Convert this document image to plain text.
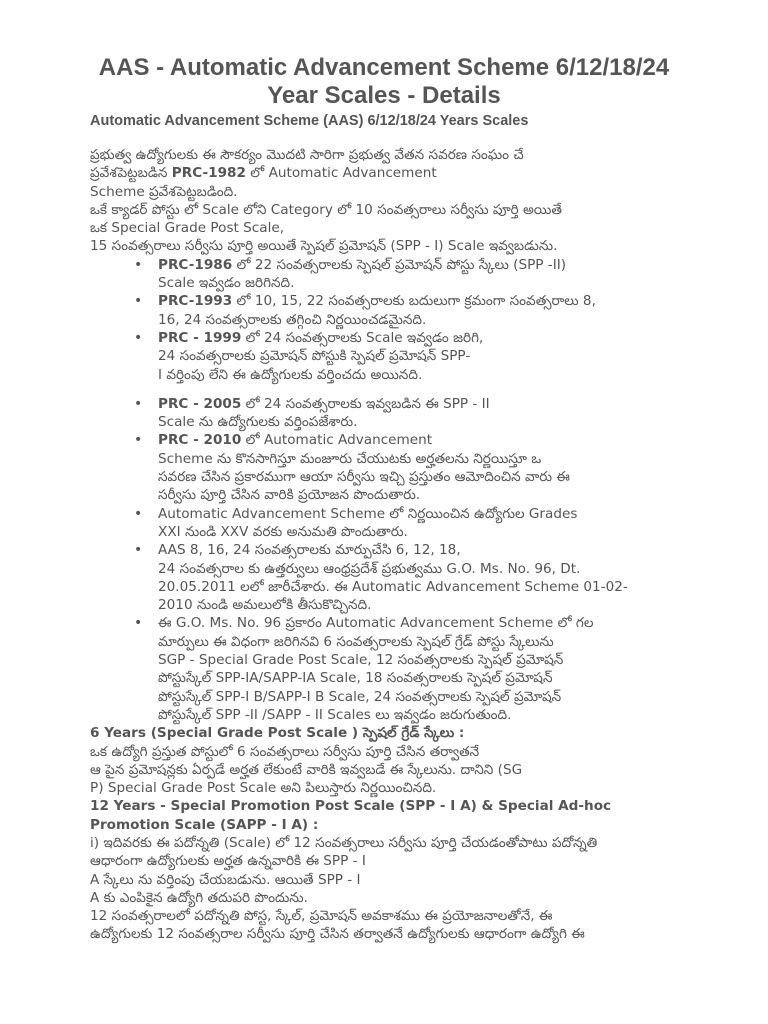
AAS - Automatic Advancement Scheme 6/12/18/24 Year Scales - Details

Automatic Advancement Scheme (AAS) 6/12/18/24 Years Scales

ప్రభుత్వ ఉద్యోగులకు ఈ సౌకర్యం మొదటి సారిగా ప్రభుత్వ వేతన సవరణ సంఘం చే
ప్రవేశపెట్టబడిన PRC-1982 లో Automatic Advancement
Scheme ప్రవేశపెట్టబడింది.
ఒకే క్యాడర్ పోస్టు లో Scale లోని Category లో 10 సంవత్సరాలు సర్వీసు పూర్తి అయితే
ఒక Special Grade Post Scale,
15 సంవత్సరాలు సర్వీసు పూర్తి అయితే స్పెషల్ ప్రమోషన్ (SPP - I) Scale ఇవ్వబడును.

• PRC-1986 లో 22 సంవత్సరాలకు స్పెషల్ ప్రమోషన్ పోస్టు స్కేలు (SPP -II)
Scale ఇవ్వడం జరిగినది.
• PRC-1993 లో 10, 15, 22 సంవత్సరాలకు బదులుగా క్రమంగా సంవత్సరాలు 8,
16, 24 సంవత్సరాలకు తగ్గించి నిర్ణయించడమైనది.
• PRC - 1999 లో 24 సంవత్సరాలకు Scale ఇవ్వడం జరిగి,
24 సంవత్సరాలకు ప్రమోషన్ పోస్టుకి స్పెషల్ ప్రమోషన్ SPP-
I వర్తింపు లేని ఈ ఉద్యోగులకు వర్తించదు అయినది.
• PRC - 2005 లో 24 సంవత్సరాలకు ఇవ్వబడిన ఈ SPP - II
Scale ను ఉద్యోగులకు వర్తింపజేశారు.
• PRC - 2010 లో Automatic Advancement
Scheme ను కొనసాగిస్తూ మంజూరు చేయుటకు అర్హతలను నిర్ణయిస్తూ ఒ
సవరణ చేసిన ప్రకారముగా ఆయా సర్వీసు ఇచ్చి ప్రస్తుతం ఆమోదించిన వారు ఈ
సర్వీసు పూర్తి చేసిన వారికి ప్రయోజన పొందుతారు.
• Automatic Advancement Scheme లో నిర్ణయించిన ఉద్యోగుల Grades
XXI నుండి XXV వరకు అనుమతి పొందుతారు.
• AAS 8, 16, 24 సంవత్సరాలకు మార్పుచేసి 6, 12, 18,
24 సంవత్సరాల కు ఉత్తర్వులు ఆంధ్రప్రదేశ్ ప్రభుత్వము G.O. Ms. No. 96, Dt.
20.05.2011 లలో జారీచేశారు. ఈ Automatic Advancement Scheme 01-02-
2010 నుండి అమలులోకి తీసుకొచ్చినది.
• ఈ G.O. Ms. No. 96 ప్రకారం Automatic Advancement Scheme లో గల
మార్పులు ఈ విధంగా జరిగినవి 6 సంవత్సరాలకు స్పెషల్ గ్రేడ్ పోస్టు స్కేలును
SGP - Special Grade Post Scale, 12 సంవత్సరాలకు స్పెషల్ ప్రమోషన్
పోస్టుస్కేల్ SPP-IA/SAPP-IA Scale, 18 సంవత్సరాలకు స్పెషల్ ప్రమోషన్
పోస్టుస్కేల్ SPP-I B/SAPP-I B Scale, 24 సంవత్సరాలకు స్పెషల్ ప్రమోషన్
పోస్టుస్కేల్ SPP -II /SAPP - II Scales లు ఇవ్వడం జరుగుతుంది.

6 Years (Special Grade Post Scale ) స్పెషల్ గ్రేడ్ స్కేలు :
ఒక ఉద్యోగి ప్రస్తుత పోస్టులో 6 సంవత్సరాలు సర్వీసు పూర్తి చేసిన తర్వాతనే
ఆ పైన ప్రమోషన్లకు ఏర్పడే అర్హత లేకుంటే వారికి ఇవ్వబడే ఈ స్కేలును. దానిని (SG
P) Special Grade Post Scale అని పిలుస్తారు నిర్ణయించినది.

12 Years - Special Promotion Post Scale (SPP - I A) & Special Ad-hoc
Promotion Scale (SAPP - I A) :
i) ఇదివరకు ఈ పదోన్నతి (Scale) లో 12 సంవత్సరాలు సర్వీసు పూర్తి చేయడంతోపాటు పదోన్నతి
ఆధారంగా ఉద్యోగులకు అర్హత ఉన్నవారికి ఈ SPP - I
A స్కేలు ను వర్తింపు చేయబడును. ఆయితే SPP - I
A కు ఎంపికైన ఉద్యోగి తదుపరి పొందును.
12 సంవత్సరాలలో పదోన్నతి పోస్ట, స్కేల్, ప్రమోషన్ అవకాశము ఈ ప్రయోజనాలతోనే, ఈ
ఉద్యోగులకు 12 సంవత్సరాల సర్వీసు పూర్తి చేసిన తర్వాతనే ఉద్యోగులకు ఆధారంగా ఉద్యోగి ఈ
